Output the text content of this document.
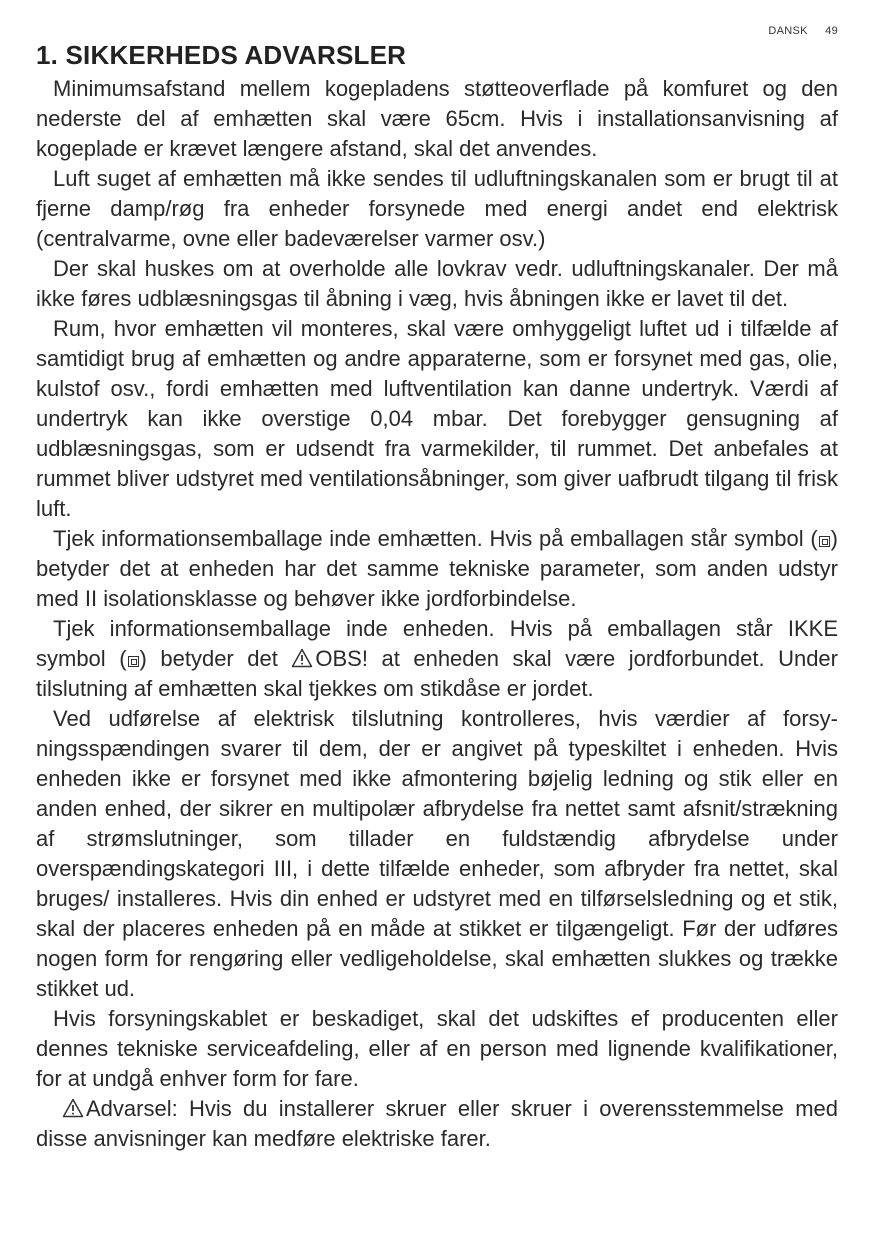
DANSK 49
1. SIKKERHEDS ADVARSLER

Minimumsafstand mellem kogepladens støtteoverflade på komfuret og den nederste del af emhætten skal være 65cm. Hvis i installationsanvisning af kogeplade er krævet længere afstand, skal det anvendes.

Luft suget af emhætten må ikke sendes til udluftningskanalen som er brugt til at fjerne damp/røg fra enheder forsynede med energi andet end elektrisk (centralvarme, ovne eller badeværelser varmer osv.)

Der skal huskes om at overholde alle lovkrav vedr. udluftningskanaler. Der må ikke føres udblæsningsgas til åbning i væg, hvis åbningen ikke er lavet til det.

Rum, hvor emhætten vil monteres, skal være omhyggeligt luftet ud i tilfælde af samtidigt brug af emhætten og andre apparaterne, som er forsynet med gas, olie, kulstof osv., fordi emhætten med luftventilation kan danne undertryk. Værdi af undertryk kan ikke overstige 0,04 mbar. Det forebygger gensugning af udblæsningsgas, som er udsendt fra varmekilder, til rummet. Det anbefales at rummet bliver udstyret med ventilationsåbninger, som giver uafbrudt tilgang til frisk luft.

Tjek informationsemballage inde emhætten. Hvis på emballagen står symbol ( ) betyder det at enheden har det samme tekniske parameter, som anden udstyr med II isolationsklasse og behøver ikke jordforbindelse.

Tjek informationsemballage inde enheden. Hvis på emballagen står IKKE symbol ( ) betyder det OBS! at enheden skal være jordforbundet. Under tilslutning af emhætten skal tjekkes om stikdåse er jordet.

Ved udførelse af elektrisk tilslutning kontrolleres, hvis værdier af forsyningsspændingen svarer til dem, der er angivet på typeskiltet i enheden. Hvis enheden ikke er forsynet med ikke afmontering bøjelig ledning og stik eller en anden enhed, der sikrer en multipolær afbrydelse fra nettet samt afsnit/strækning af strømslutninger, som tillader en fuldstændig afbrydelse under overspændingskategori III, i dette tilfælde enheder, som afbryder fra nettet, skal bruges/ installeres. Hvis din enhed er udstyret med en tilførselsledning og et stik, skal der placeres enheden på en måde at stikket er tilgængeligt. Før der udføres nogen form for rengøring eller vedligeholdelse, skal emhætten slukkes og trække stikket ud.

Hvis forsyningskablet er beskadiget, skal det udskiftes ef producenten eller dennes tekniske serviceafdeling, eller af en person med lignende kvalifikationer, for at undgå enhver form for fare.

Advarsel: Hvis du installerer skruer eller skruer i overensstemmelse med disse anvisninger kan medføre elektriske farer.
